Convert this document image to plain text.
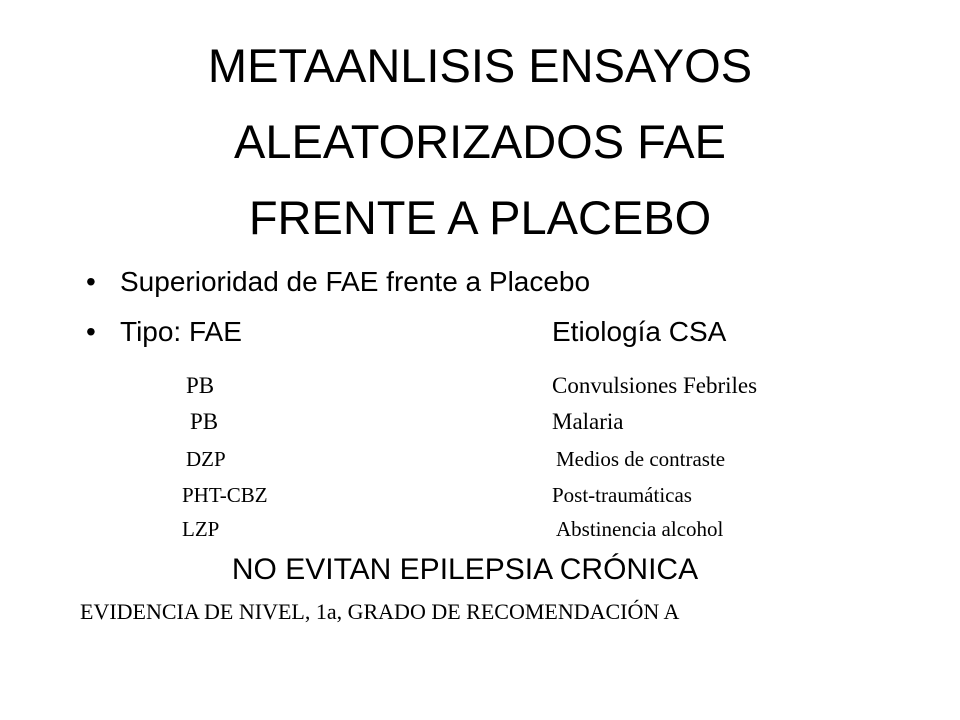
METAANLISIS ENSAYOS
ALEATORIZADOS FAE
FRENTE A PLACEBO
• Superioridad de FAE frente a Placebo
• Tipo: FAE	Etiología CSA
PB	Convulsiones Febriles
PB	Malaria
DZP	Medios de contraste
PHT-CBZ	Post-traumáticas
LZP	Abstinencia alcohol
NO EVITAN EPILEPSIA CRÓNICA
EVIDENCIA DE NIVEL, 1a, GRADO DE RECOMENDACIÓN A
